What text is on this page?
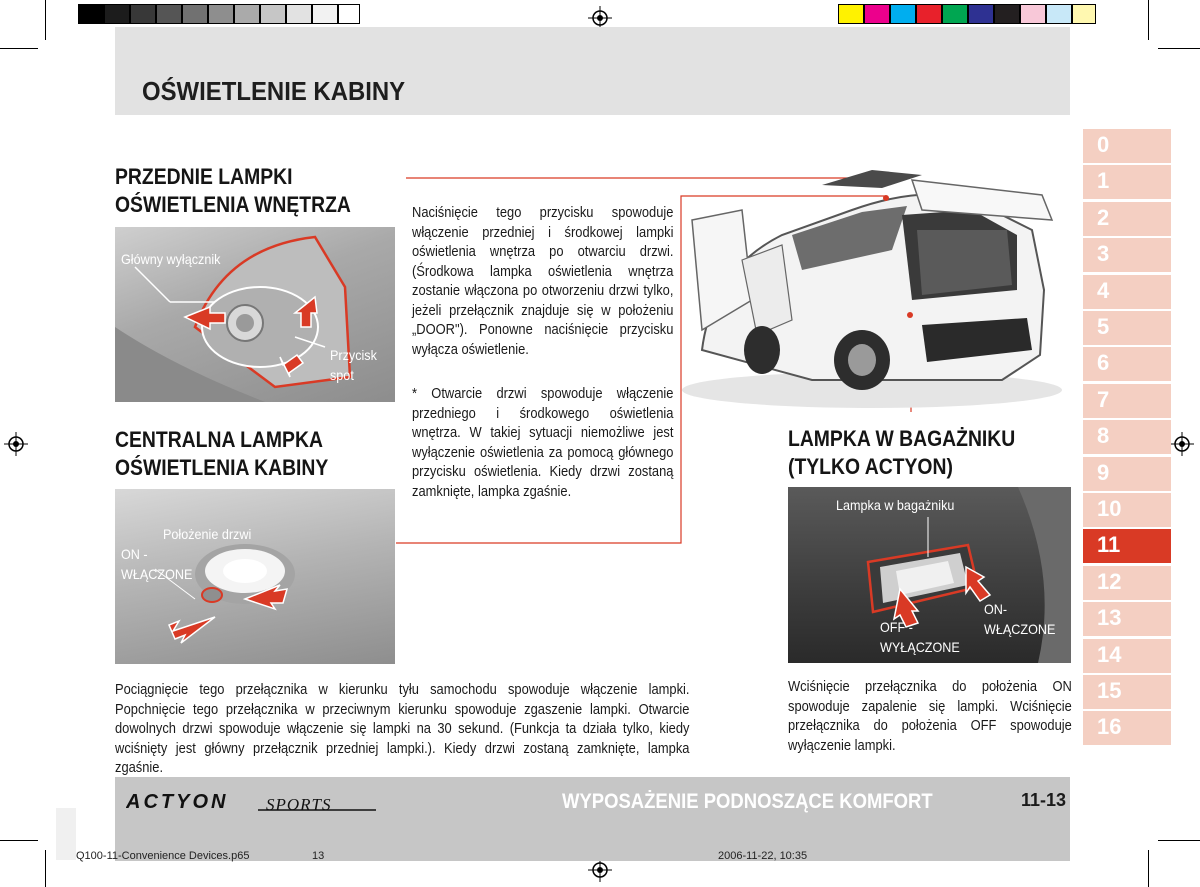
OŚWIETLENIE KABINY
0
1
2
3
4
5
6
7
8
9
10
11
12
13
14
15
16
PRZEDNIE LAMPKI
OŚWIETLENIA WNĘTRZA
Główny wyłącznik
Przycisk
spot
Naciśnięcie tego przycisku spowoduje włączenie przedniej i środkowej lampki oświetlenia wnętrza po otwarciu drzwi. (Środkowa lampka oświetlenia wnętrza zostanie włączona po otworzeniu drzwi tylko, jeżeli przełącznik znajduje się w położeniu „DOOR"). Ponowne naciśnięcie przycisku wyłącza oświetlenie.
* Otwarcie drzwi spowoduje włączenie przedniego i środkowego oświetlenia wnętrza. W takiej sytuacji niemożliwe jest wyłączenie oświetlenia za pomocą głównego przycisku oświetlenia. Kiedy drzwi zostaną zamknięte, lampka zgaśnie.
CENTRALNA LAMPKA
OŚWIETLENIA KABINY
Położenie drzwi
ON -
WŁĄCZONE
Pociągnięcie tego przełącznika w kierunku tyłu samochodu spowoduje włączenie lampki. Popchnięcie tego przełącznika w przeciwnym kierunku spowoduje zgaszenie lampki. Otwarcie dowolnych drzwi spowoduje włączenie się lampki na 30 sekund. (Funkcja ta działa tylko, kiedy wciśnięty jest główny przełącznik przedniej lampki.). Kiedy drzwi zostaną zamknięte, lampka zgaśnie.
LAMPKA W BAGAŻNIKU
(TYLKO ACTYON)
Lampka w bagażniku
OFF -
WYŁĄCZONE
ON-
WŁĄCZONE
Wciśnięcie przełącznika do położenia ON spowoduje zapalenie się lampki. Wciśnięcie przełącznika do położenia OFF spowoduje wyłączenie lampki.
ACTYON SPORTS	WYPOSAŻENIE PODNOSZĄCE KOMFORT	11-13
Q100-11-Convenience Devices.p65	13	2006-11-22, 10:35
